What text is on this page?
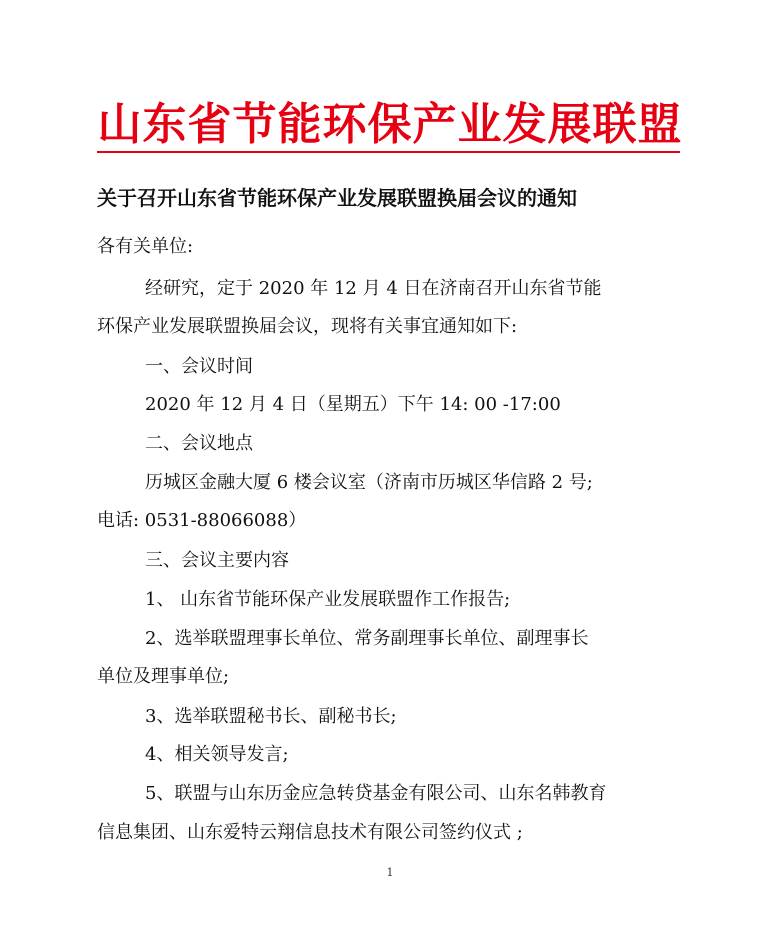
山东省节能环保产业发展联盟
关于召开山东省节能环保产业发展联盟换届会议的通知
各有关单位:
经研究，定于 2020 年 12 月 4 日在济南召开山东省节能
环保产业发展联盟换届会议，现将有关事宜通知如下:
一、会议时间
2020 年 12 月 4 日（星期五）下午 14: 00 -17:00
二、会议地点
历城区金融大厦 6 楼会议室（济南市历城区华信路 2 号;
电话: 0531-88066088）
三、会议主要内容
1、 山东省节能环保产业发展联盟作工作报告;
2、选举联盟理事长单位、常务副理事长单位、副理事长
单位及理事单位;
3、选举联盟秘书长、副秘书长;
4、相关领导发言;
5、联盟与山东历金应急转贷基金有限公司、山东名韩教育
信息集团、山东爱特云翔信息技术有限公司签约仪式 ;
1
